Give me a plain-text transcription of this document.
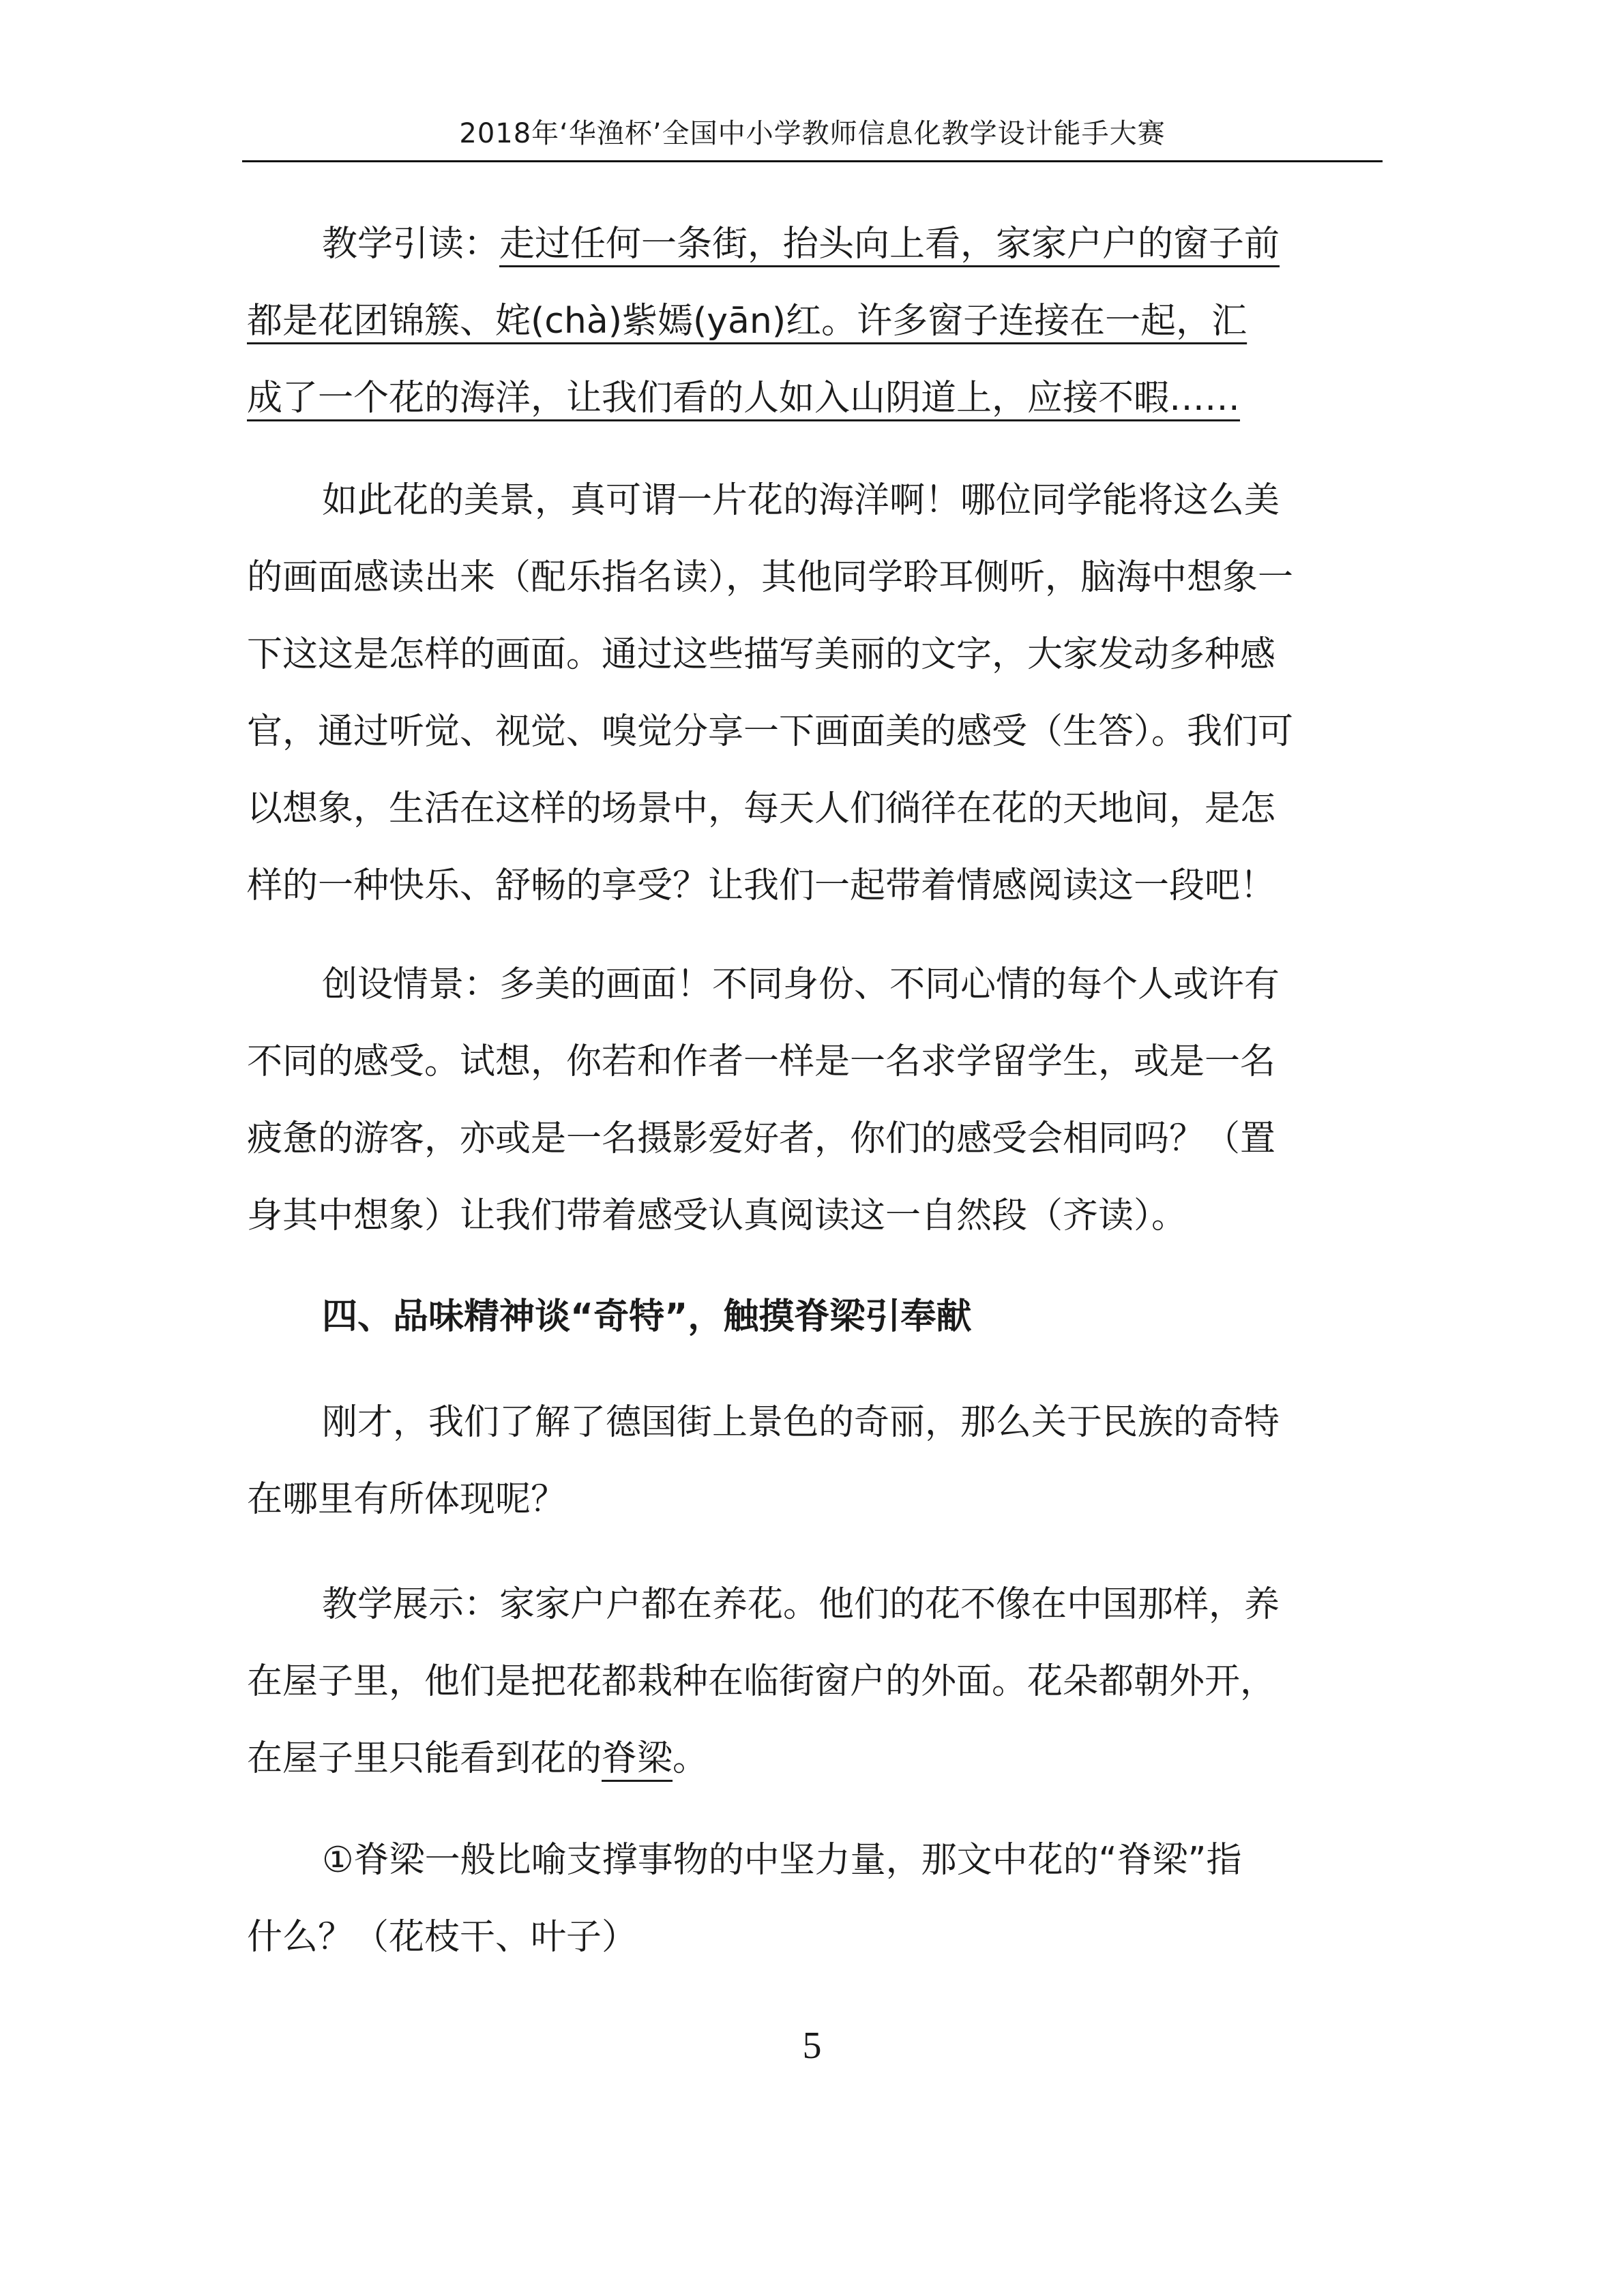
2018年‘华渔杯’全国中小学教师信息化教学设计能手大赛
教学引读：走过任何一条街，抬头向上看，家家户户的窗子前
都是花团锦簇、姹(chà)紫嫣(yān)红。许多窗子连接在一起，汇
成了一个花的海洋，让我们看的人如入山阴道上，应接不暇……
如此花的美景，真可谓一片花的海洋啊！哪位同学能将这么美
的画面感读出来（配乐指名读），其他同学聆耳侧听，脑海中想象一
下这这是怎样的画面。通过这些描写美丽的文字，大家发动多种感
官，通过听觉、视觉、嗅觉分享一下画面美的感受（生答）。我们可
以想象，生活在这样的场景中，每天人们徜徉在花的天地间，是怎
样的一种快乐、舒畅的享受？让我们一起带着情感阅读这一段吧！
创设情景：多美的画面！不同身份、不同心情的每个人或许有
不同的感受。试想，你若和作者一样是一名求学留学生，或是一名
疲惫的游客，亦或是一名摄影爱好者，你们的感受会相同吗？（置
身其中想象）让我们带着感受认真阅读这一自然段（齐读）。
四、品味精神谈“奇特”，触摸脊梁引奉献
刚才，我们了解了德国街上景色的奇丽，那么关于民族的奇特
在哪里有所体现呢？
教学展示：家家户户都在养花。他们的花不像在中国那样，养
在屋子里，他们是把花都栽种在临街窗户的外面。花朵都朝外开，
在屋子里只能看到花的脊梁。
①脊梁一般比喻支撑事物的中坚力量，那文中花的“脊梁”指
什么？（花枝干、叶子）
5
